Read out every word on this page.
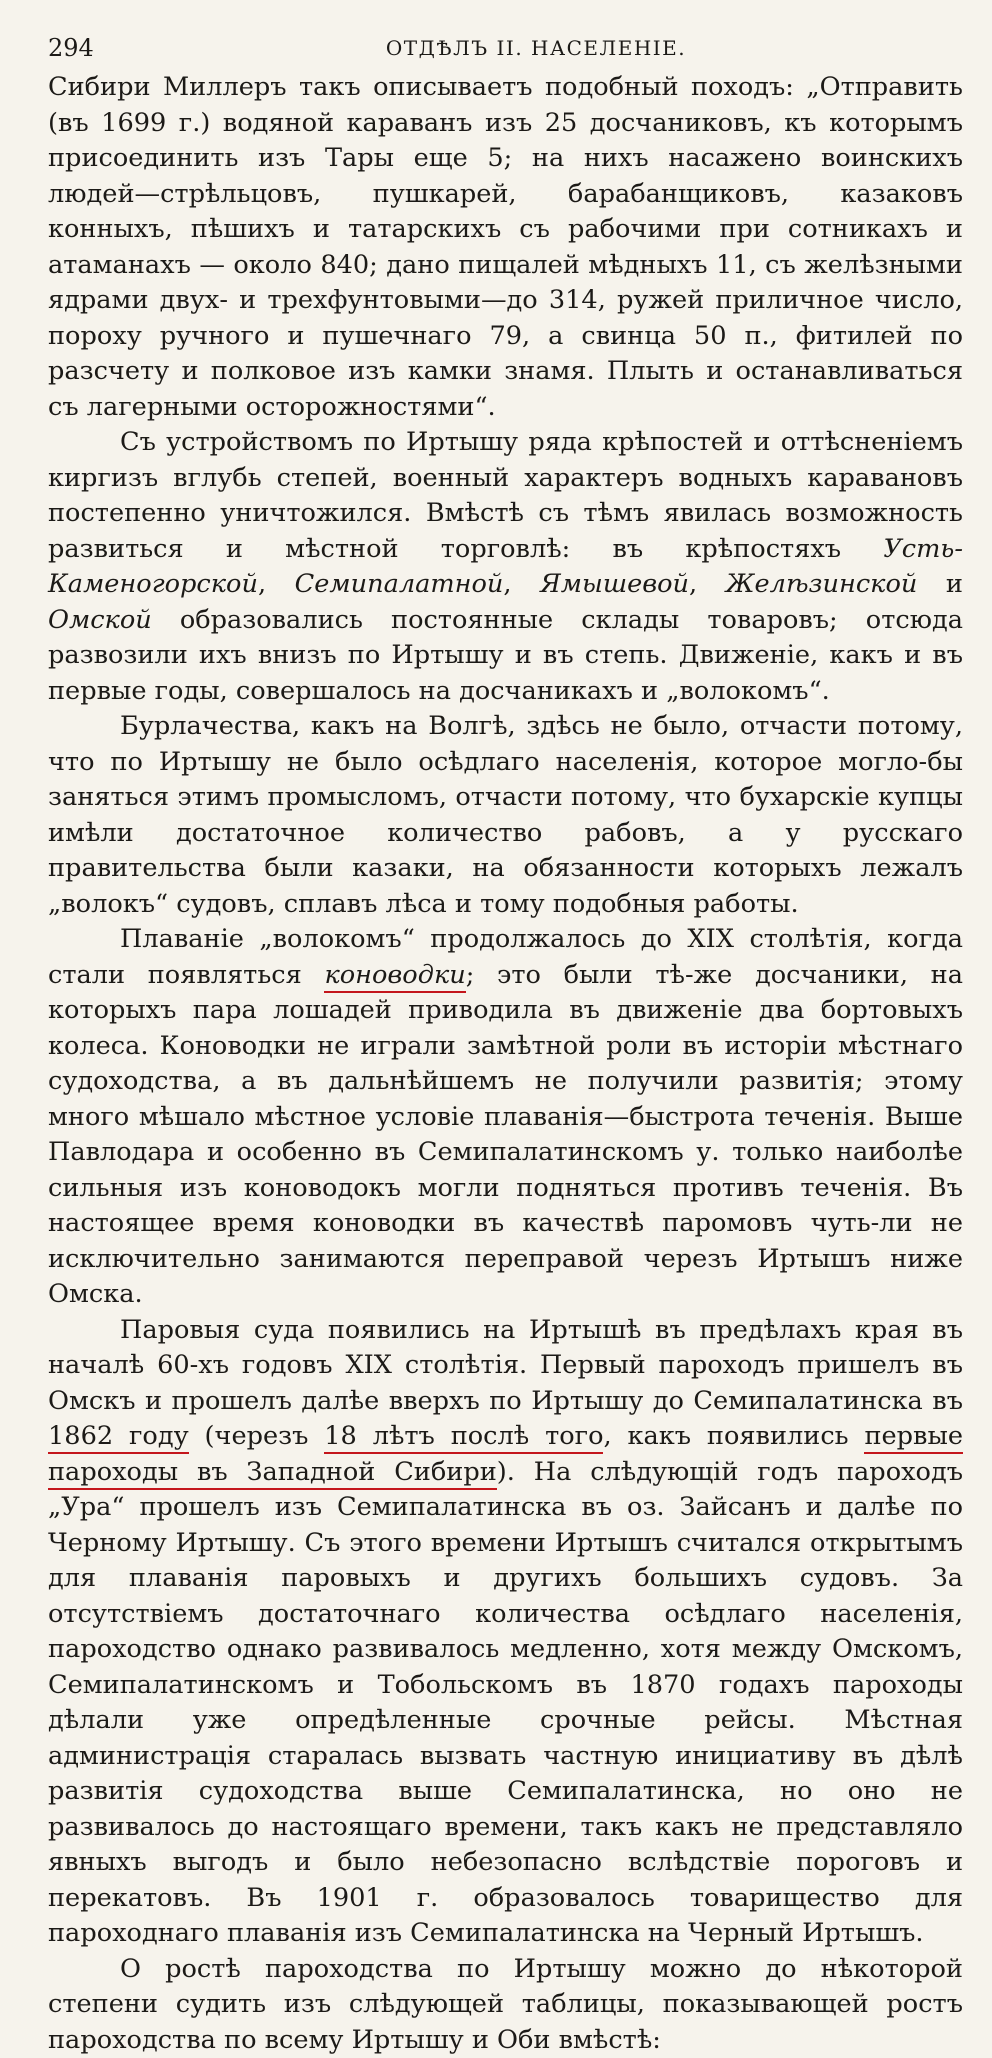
294	ОТДѢЛЪ II. НАСЕЛЕНІЕ.

Сибири Миллеръ такъ описываетъ подобный походъ: „Отправить (въ 1699 г.) водяной караванъ изъ 25 досчаниковъ, къ которымъ присоединить изъ Тары еще 5; на нихъ насажено воинскихъ людей—стрѣльцовъ, пушкарей, барабанщиковъ, казаковъ конныхъ, пѣшихъ и татарскихъ съ рабочими при сотникахъ и атаманахъ — около 840; дано пищалей мѣдныхъ 11, съ желѣзными ядрами двух- и трехфунтовыми—до 314, ружей приличное число, пороху ручного и пушечнаго 79, а свинца 50 п., фитилей по разсчету и полковое изъ камки знамя. Плыть и останавливаться съ лагерными осторожностями“.

Съ устройствомъ по Иртышу ряда крѣпостей и оттѣсненіемъ киргизъ вглубь степей, военный характеръ водныхъ каравановъ постепенно уничтожился. Вмѣстѣ съ тѣмъ явилась возможность развиться и мѣстной торговлѣ: въ крѣпостяхъ Усть-Каменогорской, Семипалатной, Ямышевой, Желѣзинской и Омской образовались постоянные склады товаровъ; отсюда развозили ихъ внизъ по Иртышу и въ степь. Движеніе, какъ и въ первые годы, совершалось на досчаникахъ и „волокомъ“.

Бурлачества, какъ на Волгѣ, здѣсь не было, отчасти потому, что по Иртышу не было осѣдлаго населенія, которое могло-бы заняться этимъ промысломъ, отчасти потому, что бухарскіе купцы имѣли достаточное количество рабовъ, а у русскаго правительства были казаки, на обязанности которыхъ лежалъ „волокъ“ судовъ, сплавъ лѣса и тому подобныя работы.

Плаваніе „волокомъ“ продолжалось до XIX столѣтія, когда стали появляться коноводки; это были тѣ-же досчаники, на которыхъ пара лошадей приводила въ движеніе два бортовыхъ колеса. Коноводки не играли замѣтной роли въ исторіи мѣстнаго судоходства, а въ дальнѣйшемъ не получили развитія; этому много мѣшало мѣстное условіе плаванія—быстрота теченія. Выше Павлодара и особенно въ Семипалатинскомъ у. только наиболѣе сильныя изъ коноводокъ могли подняться противъ теченія. Въ настоящее время коноводки въ качествѣ паромовъ чуть-ли не исключительно занимаются переправой черезъ Иртышъ ниже Омска.

Паровыя суда появились на Иртышѣ въ предѣлахъ края въ началѣ 60-хъ годовъ XIX столѣтія. Первый пароходъ пришелъ въ Омскъ и прошелъ далѣе вверхъ по Иртышу до Семипалатинска въ 1862 году (черезъ 18 лѣтъ послѣ того, какъ появились первые пароходы въ Западной Сибири). На слѣдующій годъ пароходъ „Ура“ прошелъ изъ Семипалатинска въ оз. Зайсанъ и далѣе по Черному Иртышу. Съ этого времени Иртышъ считался открытымъ для плаванія паровыхъ и другихъ большихъ судовъ. За отсутствіемъ достаточнаго количества осѣдлаго населенія, пароходство однако развивалось медленно, хотя между Омскомъ, Семипалатинскомъ и Тобольскомъ въ 1870 годахъ пароходы дѣлали уже опредѣленные срочные рейсы. Мѣстная администрація старалась вызвать частную инициативу въ дѣлѣ развитія судоходства выше Семипалатинска, но оно не развивалось до настоящаго времени, такъ какъ не представляло явныхъ выгодъ и было небезопасно вслѣдствіе пороговъ и перекатовъ. Въ 1901 г. образовалось товарищество для пароходнаго плаванія изъ Семипалатинска на Черный Иртышъ.

О ростѣ пароходства по Иртышу можно до нѣкоторой степени судить изъ слѣдующей таблицы, показывающей ростъ пароходства по всему Иртышу и Оби вмѣстѣ:
